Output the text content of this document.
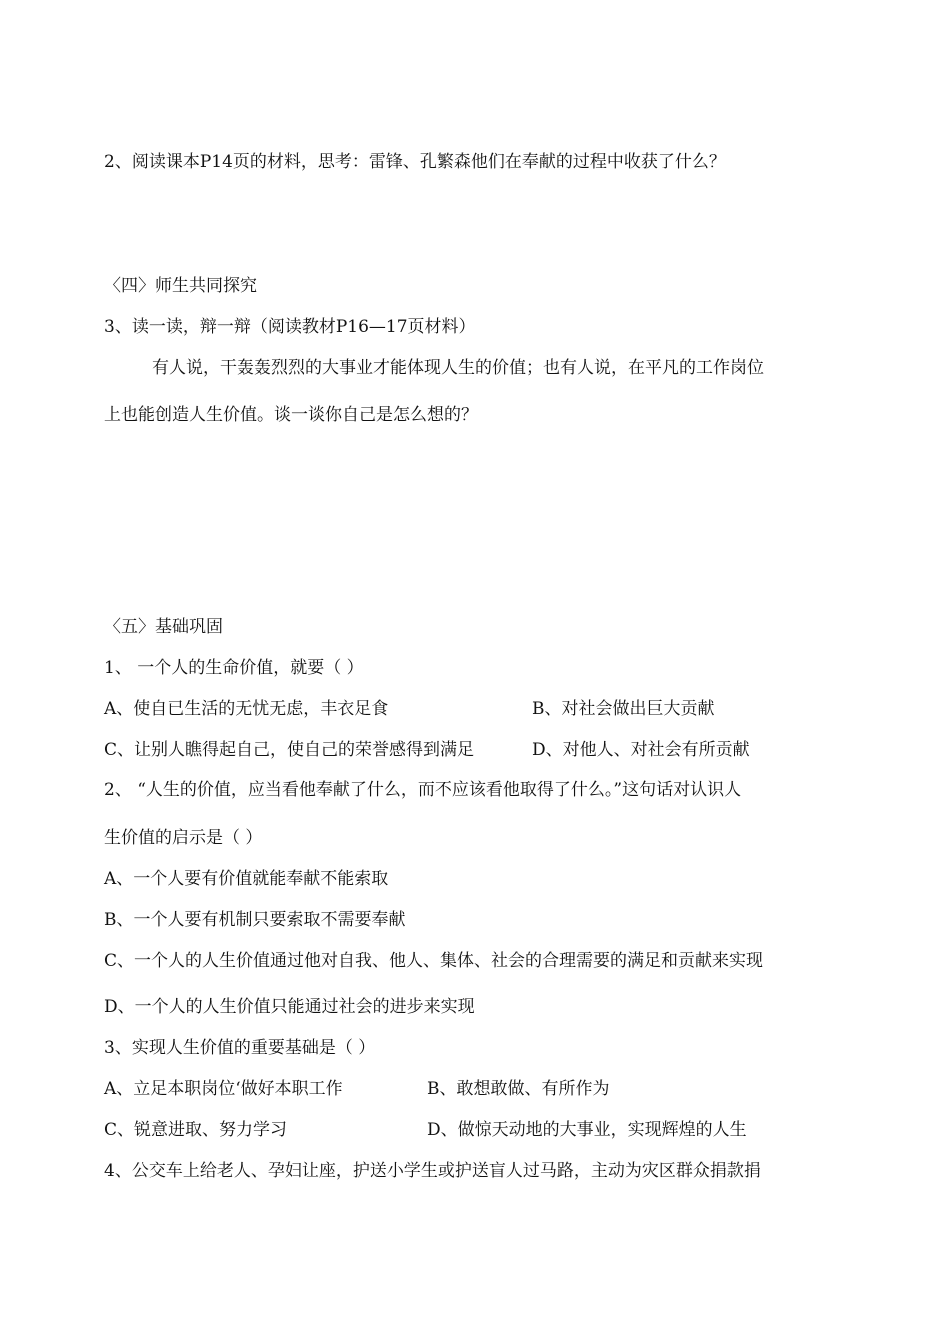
2、阅读课本P14页的材料，思考：雷锋、孔繁森他们在奉献的过程中收获了什么？
〈四〉师生共同探究
3、读一读，辩一辩（阅读教材P16—17页材料）
有人说，干轰轰烈烈的大事业才能体现人生的价值；也有人说，在平凡的工作岗位
上也能创造人生价值。谈一谈你自己是怎么想的？
〈五〉基础巩固
1、 一个人的生命价值，就要（ ）
A、使自已生活的无忧无虑，丰衣足食	B、对社会做出巨大贡献
C、让别人瞧得起自己，使自己的荣誉感得到满足	D、对他人、对社会有所贡献
2、 “人生的价值，应当看他奉献了什么，而不应该看他取得了什么。”这句话对认识人
生价值的启示是（ ）
A、一个人要有价值就能奉献不能索取
B、一个人要有机制只要索取不需要奉献
C、一个人的人生价值通过他对自我、他人、集体、社会的合理需要的满足和贡献来实现
D、一个人的人生价值只能通过社会的进步来实现
3、实现人生价值的重要基础是（ ）
A、立足本职岗位‘做好本职工作	B、敢想敢做、有所作为
C、锐意进取、努力学习	D、做惊天动地的大事业，实现辉煌的人生
4、公交车上给老人、孕妇让座，护送小学生或护送盲人过马路，主动为灾区群众捐款捐
